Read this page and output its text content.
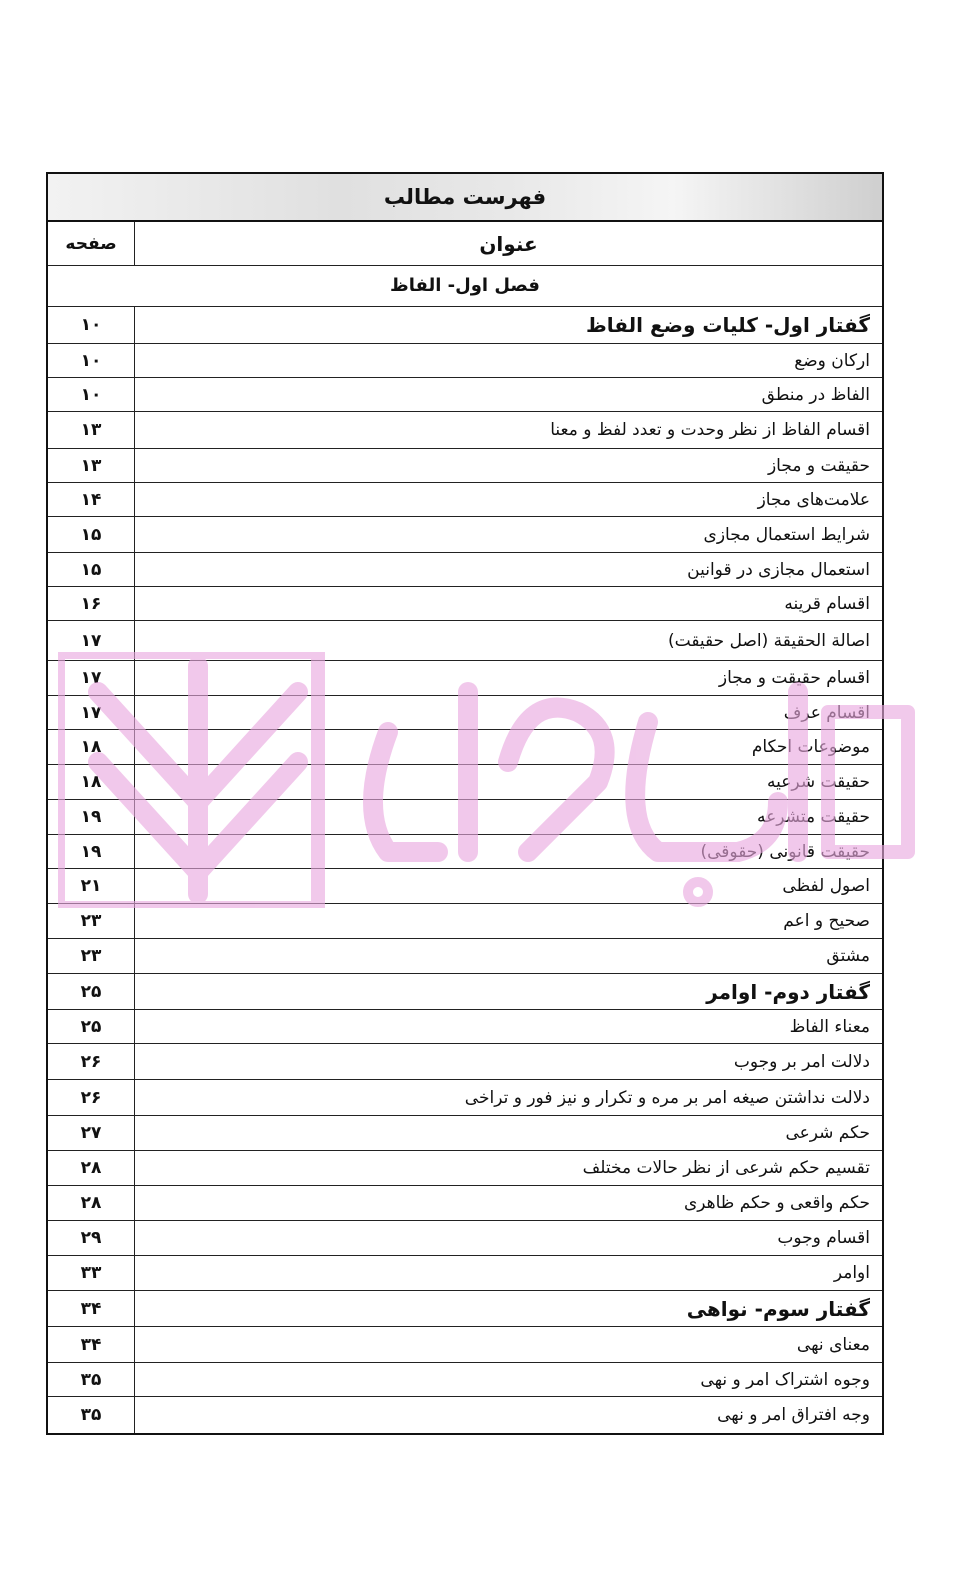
فهرست مطالب
عنوان
صفحه
فصل اول- الفاظ
گفتار اول- کلیات وضع الفاظ
۱۰
ارکان وضع
۱۰
الفاظ در منطق
۱۰
اقسام الفاظ از نظر وحدت و تعدد لفظ و معنا
۱۳
حقیقت و مجاز
۱۳
علامت‌های مجاز
۱۴
شرایط استعمال مجازی
۱۵
استعمال مجازی در قوانین
۱۵
اقسام قرینه
۱۶
اصالة الحقیقة (اصل حقیقت)
۱۷
اقسام حقیقت و مجاز
۱۷
اقسام عرف
۱۷
موضوعات احکام
۱۸
حقیقت شرعیه
۱۸
حقیقت متشرعه
۱۹
حقیقت قانونی (حقوقی)
۱۹
اصول لفظی
۲۱
صحیح و اعم
۲۳
مشتق
۲۳
گفتار دوم- اوامر
۲۵
معناء الفاظ
۲۵
دلالت امر بر وجوب
۲۶
دلالت نداشتن صیغه امر بر مره و تکرار و نیز فور و تراخی
۲۶
حکم شرعی
۲۷
تقسیم حکم شرعی از نظر حالات مختلف
۲۸
حکم واقعی و حکم ظاهری
۲۸
اقسام وجوب
۲۹
اوامر
۳۳
گفتار سوم- نواهی
۳۴
معنای نهی
۳۴
وجوه اشتراک امر و نهی
۳۵
وجه افتراق امر و نهی
۳۵
